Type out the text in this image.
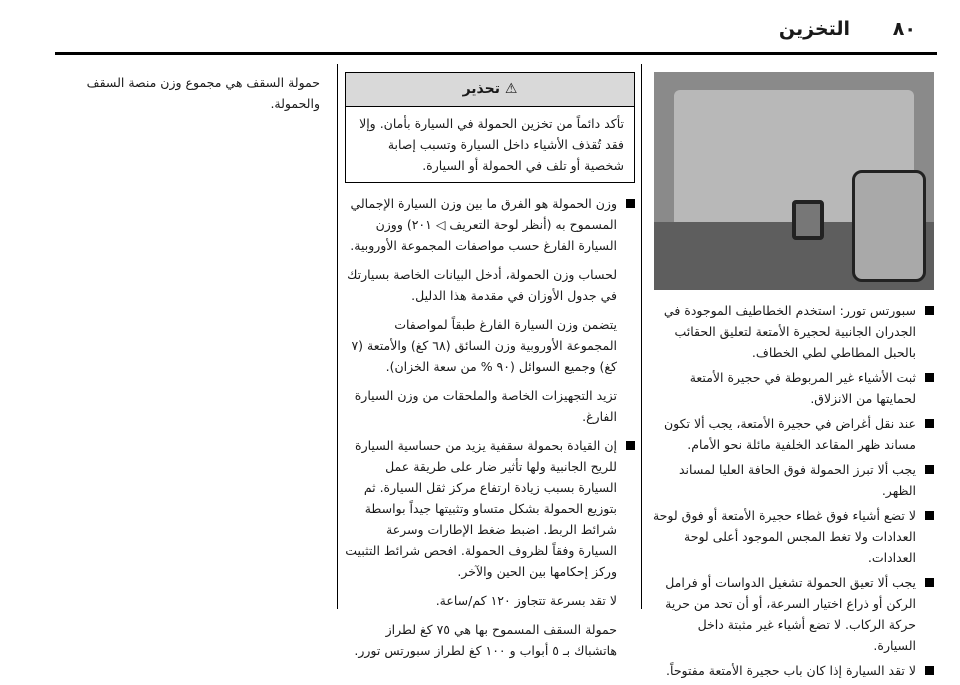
التخزين ٨٠
سبورتس تورر: استخدم الخطاطيف الموجودة في الجدران الجانبية لحجيرة الأمتعة لتعليق الحقائب بالحبل المطاطي لطي الخطاف.
ثبت الأشياء غير المربوطة في حجيرة الأمتعة لحمايتها من الانزلاق.
عند نقل أغراض في حجيرة الأمتعة، يجب ألا تكون مساند ظهر المقاعد الخلفية مائلة نحو الأمام.
يجب ألا تبرز الحمولة فوق الحافة العليا لمساند الظهر.
لا تضع أشياء فوق غطاء حجيرة الأمتعة أو فوق لوحة العدادات ولا تغط المجس الموجود أعلى لوحة العدادات.
يجب ألا تعيق الحمولة تشغيل الدواسات أو فرامل الركن أو ذراع اختيار السرعة، أو أن تحد من حرية حركة الركاب. لا تضع أشياء غير مثبتة داخل السيارة.
لا تقد السيارة إذا كان باب حجيرة الأمتعة مفتوحاً.
⚠ تحذير
تأكد دائماً من تخزين الحمولة في السيارة بأمان. وإلا فقد تُقذف الأشياء داخل السيارة وتسبب إصابة شخصية أو تلف في الحمولة أو السيارة.
وزن الحمولة هو الفرق ما بين وزن السيارة الإجمالي المسموح به (أنظر لوحة التعريف ◁ ٢٠١) ووزن السيارة الفارغ حسب مواصفات المجموعة الأوروبية.
لحساب وزن الحمولة، أدخل البيانات الخاصة بسيارتك في جدول الأوزان في مقدمة هذا الدليل.
يتضمن وزن السيارة الفارغ طبقاً لمواصفات المجموعة الأوروبية وزن السائق (٦٨ كغ) والأمتعة (٧ كغ) وجميع السوائل (٩٠ % من سعة الخزان).
تزيد التجهيزات الخاصة والملحقات من وزن السيارة الفارغ.
إن القيادة بحمولة سقفية يزيد من حساسية السيارة للريح الجانبية ولها تأثير ضار على طريقة عمل السيارة بسبب زيادة ارتفاع مركز ثقل السيارة. ثم بتوزيع الحمولة بشكل متساو وتثبيتها جيداً بواسطة شرائط الربط. اضبط ضغط الإطارات وسرعة السيارة وفقاً لظروف الحمولة. افحص شرائط التثبيت وركز إحكامها بين الحين والآخر.
لا تقد بسرعة تتجاوز ١٢٠ كم/ساعة.
حمولة السقف المسموح بها هي ٧٥ كغ لطراز هاتشباك بـ ٥ أبواب و ١٠٠ كغ لطراز سبورتس تورر.
حمولة السقف هي مجموع وزن منصة السقف والحمولة.
